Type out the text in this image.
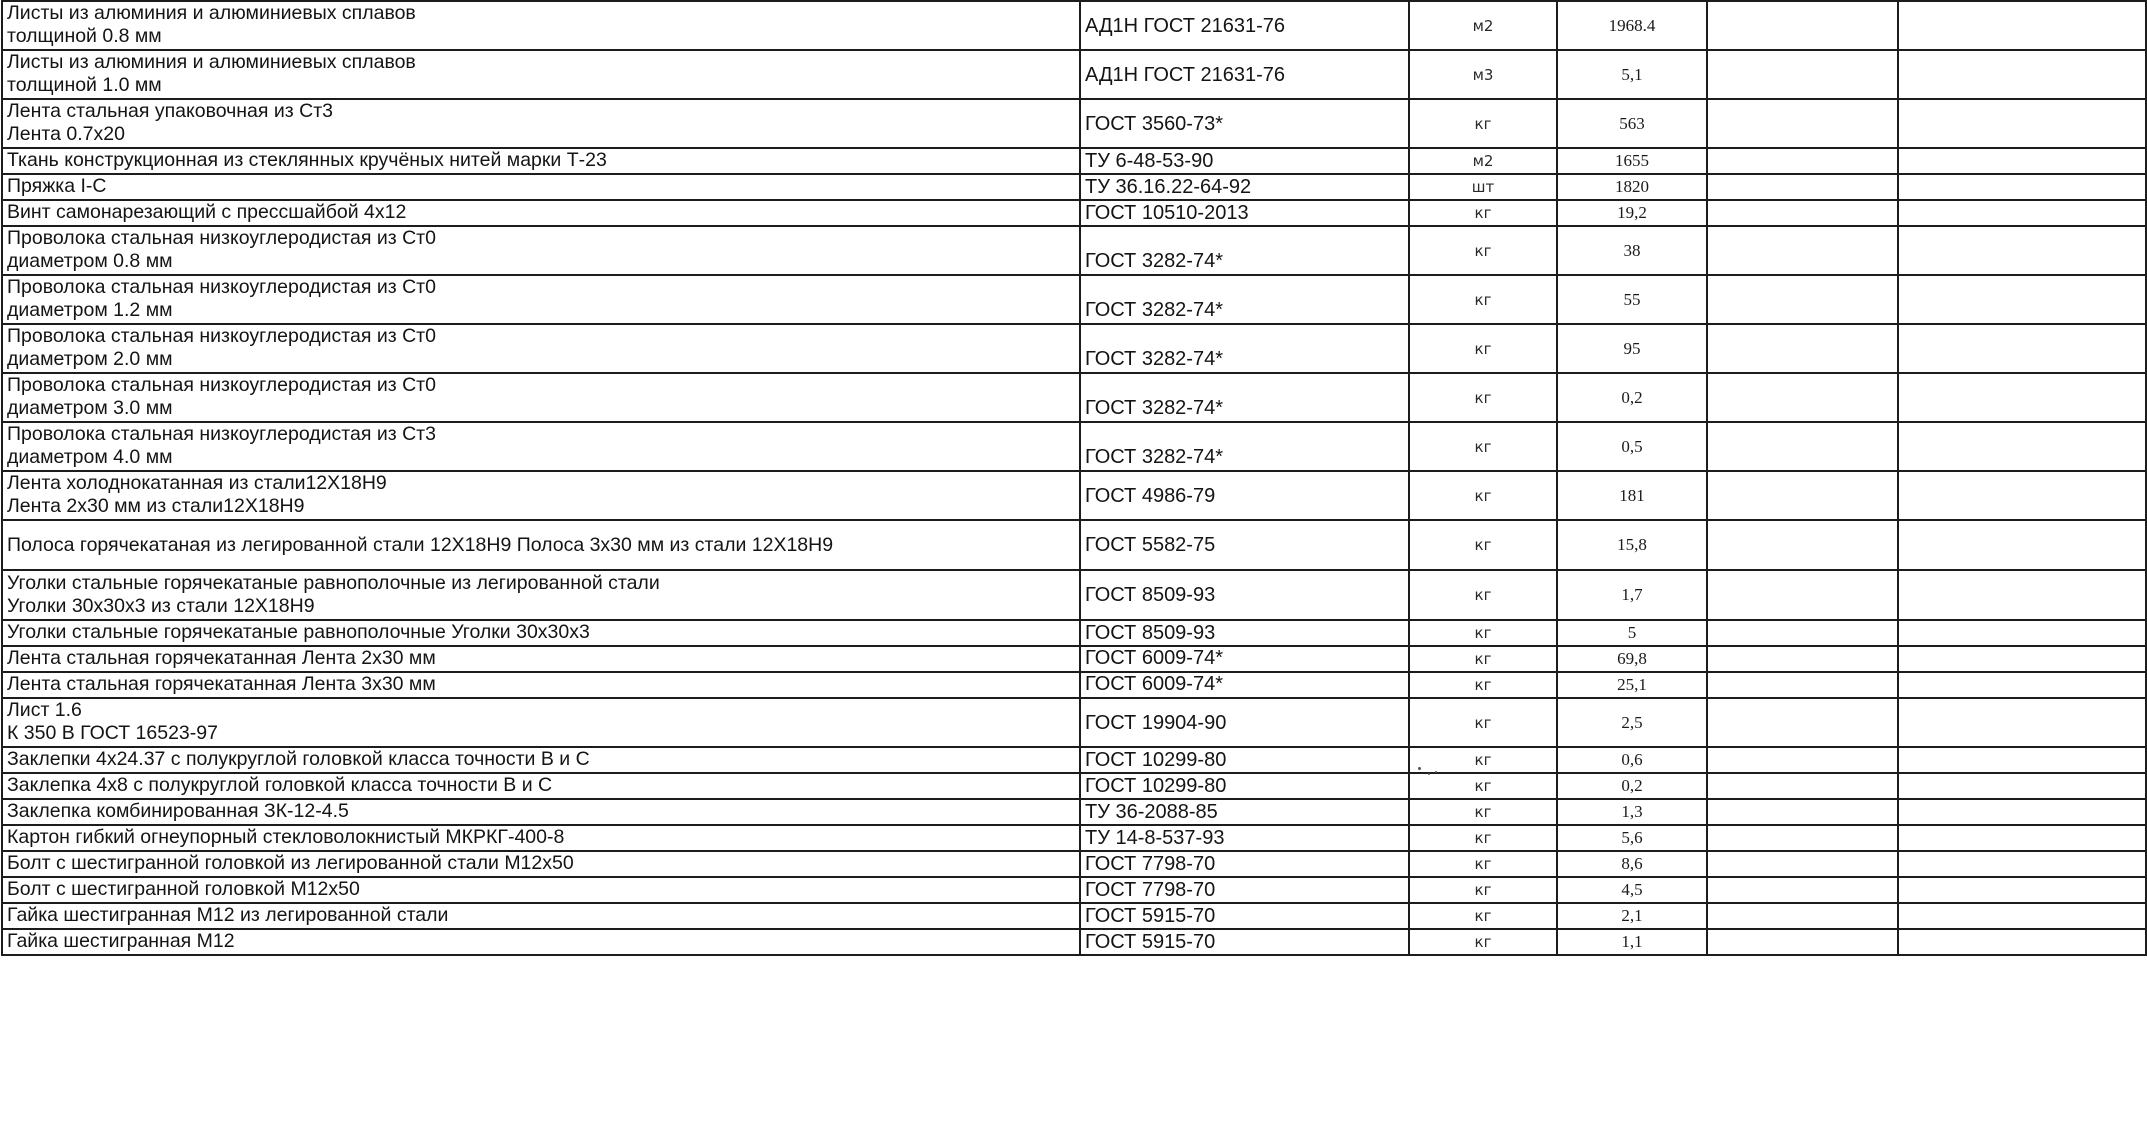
Листы из алюминия и алюминиевых сплавов
толщиной 0.8 мм	АД1Н ГОСТ 21631-76	м2	1968.4		

Листы из алюминия и алюминиевых сплавов
толщиной 1.0 мм	АД1Н ГОСТ 21631-76	м3	5,1		

Лента стальная упаковочная из Ст3
Лента 0.7х20	ГОСТ 3560-73*	кг	563		

Ткань конструкционная из стеклянных кручёных нитей марки Т-23	ТУ 6-48-53-90	м2	1655		

Пряжка I-С	ТУ 36.16.22-64-92	шт	1820		

Винт самонарезающий с прессшайбой 4х12	ГОСТ 10510-2013	кг	19,2		

Проволока стальная низкоуглеродистая из Ст0
диаметром 0.8 мм	ГОСТ 3282-74*	кг	38		

Проволока стальная низкоуглеродистая из Ст0
диаметром 1.2 мм	ГОСТ 3282-74*	кг	55		

Проволока стальная низкоуглеродистая из Ст0
диаметром 2.0 мм	ГОСТ 3282-74*	кг	95		

Проволока стальная низкоуглеродистая из Ст0
диаметром 3.0 мм	ГОСТ 3282-74*	кг	0,2		

Проволока стальная низкоуглеродистая из Ст3
диаметром 4.0 мм	ГОСТ 3282-74*	кг	0,5		

Лента холоднокатанная из стали12Х18Н9
Лента 2х30 мм из стали12Х18Н9	ГОСТ 4986-79	кг	181		

Полоса горячекатаная из легированной стали 12Х18Н9 Полоса 3х30 мм из стали 12Х18Н9	ГОСТ 5582-75	кг	15,8		

Уголки стальные горячекатаные равнополочные из легированной стали
Уголки 30х30х3 из стали 12Х18Н9	ГОСТ 8509-93	кг	1,7		

Уголки стальные горячекатаные равнополочные Уголки 30х30х3	ГОСТ 8509-93	кг	5		

Лента стальная горячекатанная Лента 2х30 мм	ГОСТ 6009-74*	кг	69,8		

Лента стальная горячекатанная Лента 3х30 мм	ГОСТ 6009-74*	кг	25,1		

Лист 1.6
К 350 В ГОСТ 16523-97	ГОСТ 19904-90	кг	2,5		

Заклепки 4х24.37 с полукруглой головкой класса точности В и С	ГОСТ 10299-80	кг	0,6		

Заклепка 4х8 с полукруглой головкой класса точности В и С	ГОСТ 10299-80	кг	0,2		

Заклепка комбинированная ЗК-12-4.5	ТУ 36-2088-85	кг	1,3		

Картон гибкий огнеупорный стекловолокнистый МКРКГ-400-8	ТУ 14-8-537-93	кг	5,6		

Болт с шестигранной головкой из легированной стали М12х50	ГОСТ 7798-70	кг	8,6		

Болт с шестигранной головкой М12х50	ГОСТ 7798-70	кг	4,5		

Гайка шестигранная М12 из легированной стали	ГОСТ 5915-70	кг	2,1		

Гайка шестигранная М12	ГОСТ 5915-70	кг	1,1		
